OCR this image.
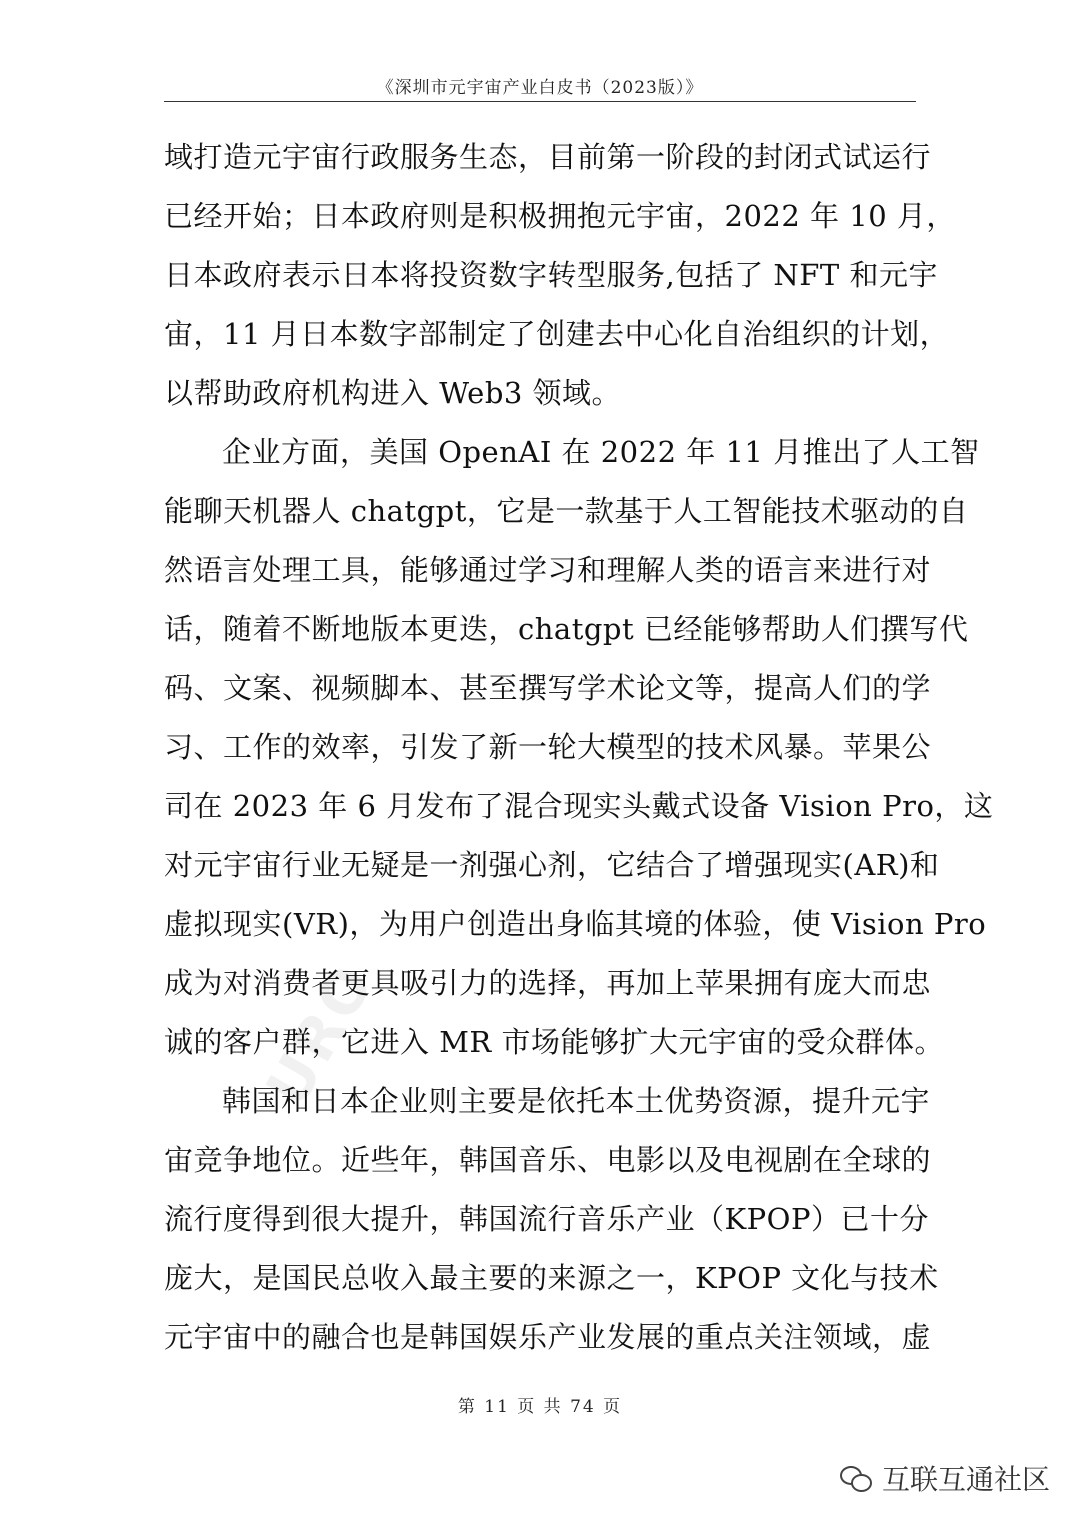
《深圳市元宇宙产业白皮书（2023版）》
URO
域打造元宇宙行政服务生态，目前第一阶段的封闭式试运行
已经开始；日本政府则是积极拥抱元宇宙，2022 年 10 月，
日本政府表示日本将投资数字转型服务,包括了 NFT 和元宇
宙，11 月日本数字部制定了创建去中心化自治组织的计划，
以帮助政府机构进入 Web3 领域。
企业方面，美国 OpenAI 在 2022 年 11 月推出了人工智
能聊天机器人 chatgpt，它是一款基于人工智能技术驱动的自
然语言处理工具，能够通过学习和理解人类的语言来进行对
话，随着不断地版本更迭，chatgpt 已经能够帮助人们撰写代
码、文案、视频脚本、甚至撰写学术论文等，提高人们的学
习、工作的效率，引发了新一轮大模型的技术风暴。苹果公
司在 2023 年 6 月发布了混合现实头戴式设备 Vision Pro，这
对元宇宙行业无疑是一剂强心剂，它结合了增强现实(AR)和
虚拟现实(VR)，为用户创造出身临其境的体验，使 Vision Pro
成为对消费者更具吸引力的选择，再加上苹果拥有庞大而忠
诚的客户群，它进入 MR 市场能够扩大元宇宙的受众群体。
韩国和日本企业则主要是依托本土优势资源，提升元宇
宙竞争地位。近些年，韩国音乐、电影以及电视剧在全球的
流行度得到很大提升，韩国流行音乐产业（KPOP）已十分
庞大，是国民总收入最主要的来源之一，KPOP 文化与技术
元宇宙中的融合也是韩国娱乐产业发展的重点关注领域，虚
第 11 页 共 74 页
互联互通社区
